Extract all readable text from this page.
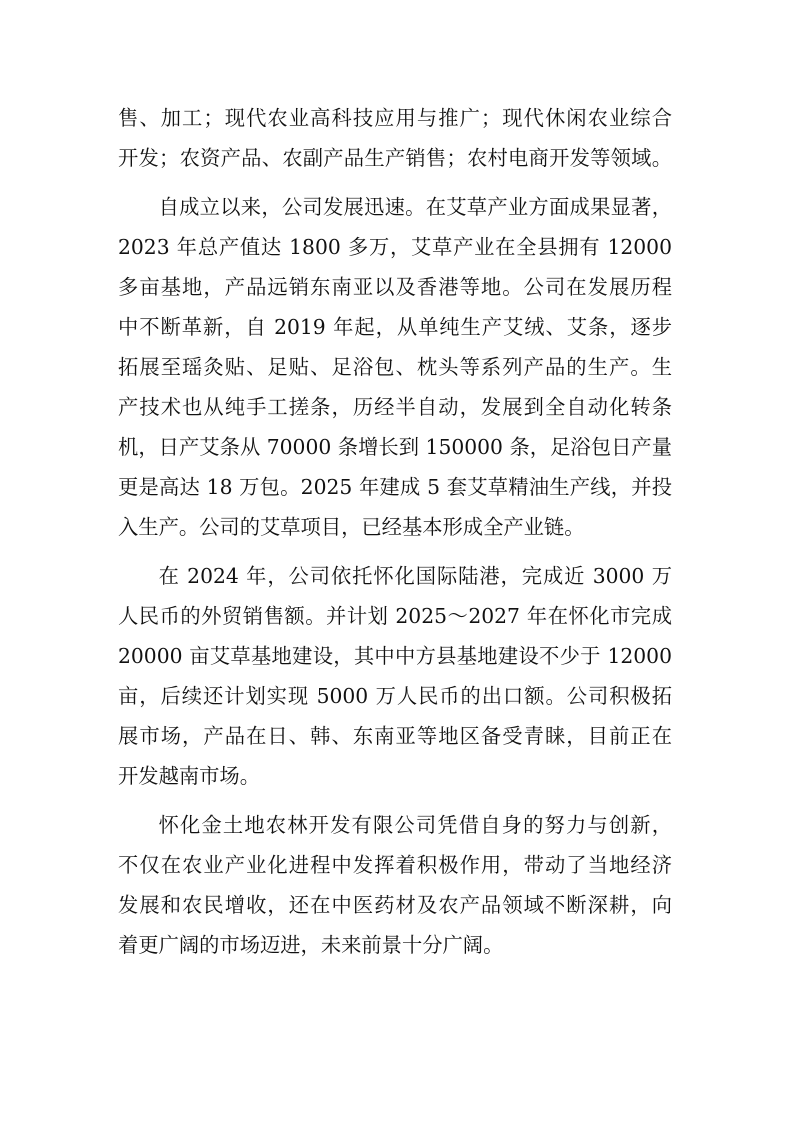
售、加工；现代农业高科技应用与推广；现代休闲农业综合
开发；农资产品、农副产品生产销售；农村电商开发等领域。
自成立以来，公司发展迅速。在艾草产业方面成果显著，
2023 年总产值达 1800 多万，艾草产业在全县拥有 12000
多亩基地，产品远销东南亚以及香港等地。公司在发展历程
中不断革新，自 2019 年起，从单纯生产艾绒、艾条，逐步
拓展至瑶灸贴、足贴、足浴包、枕头等系列产品的生产。生
产技术也从纯手工搓条，历经半自动，发展到全自动化转条
机，日产艾条从 70000 条增长到 150000 条，足浴包日产量
更是高达 18 万包。2025 年建成 5 套艾草精油生产线，并投
入生产。公司的艾草项目，已经基本形成全产业链。
在 2024 年，公司依托怀化国际陆港，完成近 3000 万
人民币的外贸销售额。并计划 2025～2027 年在怀化市完成
20000 亩艾草基地建设，其中中方县基地建设不少于 12000
亩，后续还计划实现 5000 万人民币的出口额。公司积极拓
展市场，产品在日、韩、东南亚等地区备受青睐，目前正在
开发越南市场。
怀化金土地农林开发有限公司凭借自身的努力与创新，
不仅在农业产业化进程中发挥着积极作用，带动了当地经济
发展和农民增收，还在中医药材及农产品领域不断深耕，向
着更广阔的市场迈进，未来前景十分广阔。
